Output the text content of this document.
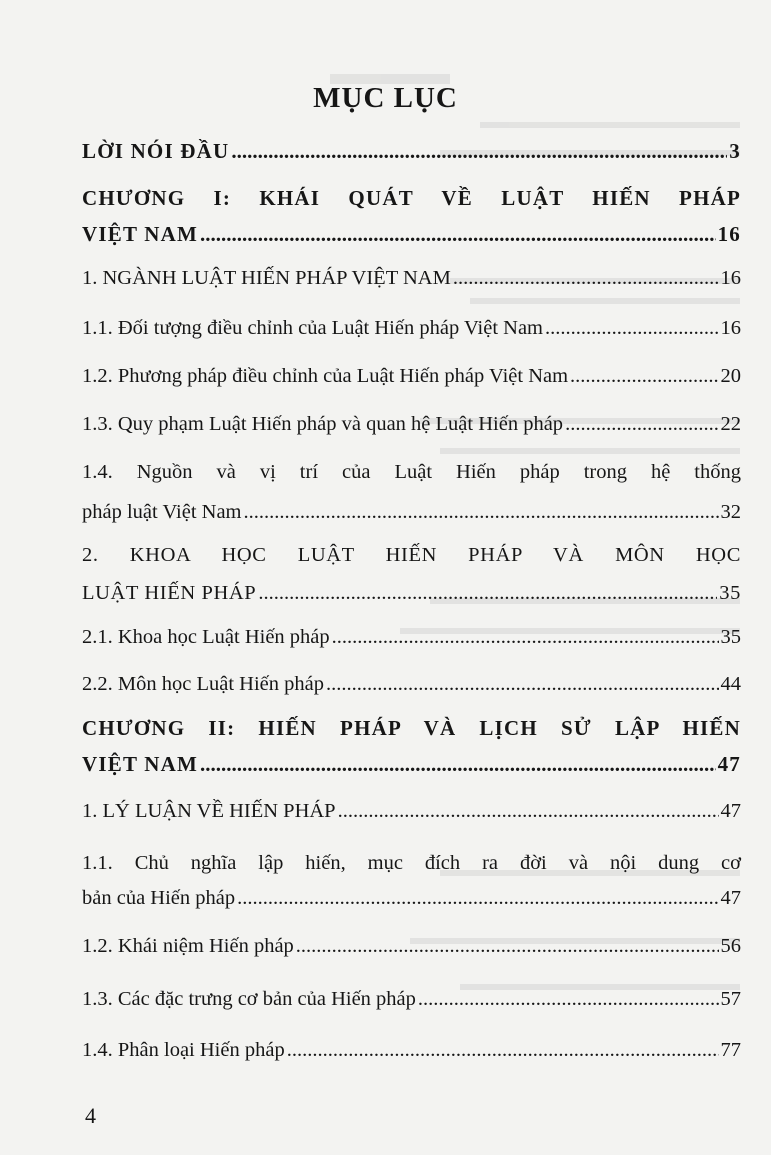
MỤC LỤC
LỜI NÓI ĐẦU .....	3
CHƯƠNG I: KHÁI QUÁT VỀ LUẬT HIẾN PHÁP
VIỆT NAM .....	16
1. NGÀNH LUẬT HIẾN PHÁP VIỆT NAM .....	16
1.1. Đối tượng điều chỉnh của Luật Hiến pháp Việt Nam .....	16
1.2. Phương pháp điều chỉnh của Luật Hiến pháp Việt Nam .....	20
1.3. Quy phạm Luật Hiến pháp và quan hệ Luật Hiến pháp .....	22
1.4. Nguồn và vị trí của Luật Hiến pháp trong hệ thống
pháp luật Việt Nam .....	32
2. KHOA HỌC LUẬT HIẾN PHÁP VÀ MÔN HỌC
LUẬT HIẾN PHÁP .....	35
2.1. Khoa học Luật Hiến pháp .....	35
2.2. Môn học Luật Hiến pháp .....	44
CHƯƠNG II: HIẾN PHÁP VÀ LỊCH SỬ LẬP HIẾN
VIỆT NAM .....	47
1. LÝ LUẬN VỀ HIẾN PHÁP .....	47
1.1. Chủ nghĩa lập hiến, mục đích ra đời và nội dung cơ
bản của Hiến pháp .....	47
1.2. Khái niệm Hiến pháp .....	56
1.3. Các đặc trưng cơ bản của Hiến pháp .....	57
1.4. Phân loại Hiến pháp .....	77
4
